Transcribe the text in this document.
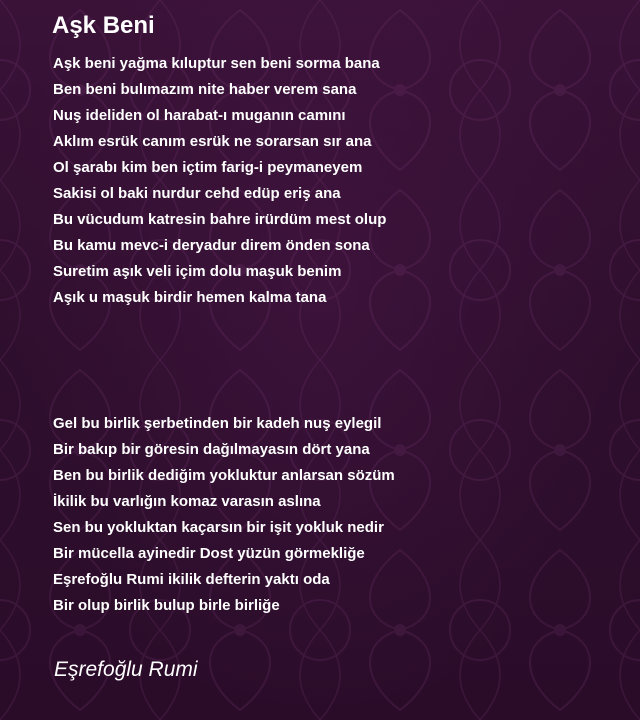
Aşk Beni
Aşk beni yağma kıluptur sen beni sorma bana
Ben beni bulımazım nite haber verem sana
Nuş ideliden ol harabat-ı muganın camını
Aklım esrük canım esrük ne sorarsan sır ana
Ol şarabı kim ben içtim farig-i peymaneyem
Sakisi ol baki nurdur cehd edüp eriş ana
Bu vücudum katresin bahre irürdüm mest olup
Bu kamu mevc-i deryadur direm önden sona
Suretim aşık veli içim dolu maşuk benim
Aşık u maşuk birdir hemen kalma tana
Gel bu birlik şerbetinden bir kadeh nuş eylegil
Bir bakıp bir göresin dağılmayasın dört yana
Ben bu birlik dediğim yokluktur anlarsan sözüm
İkilik bu varlığın komaz varasın aslına
Sen bu yokluktan kaçarsın bir işit yokluk nedir
Bir mücella ayinedir Dost yüzün görmekliğe
Eşrefoğlu Rumi ikilik defterin yaktı oda
Bir olup birlik bulup birle birliğe
Eşrefoğlu Rumi
